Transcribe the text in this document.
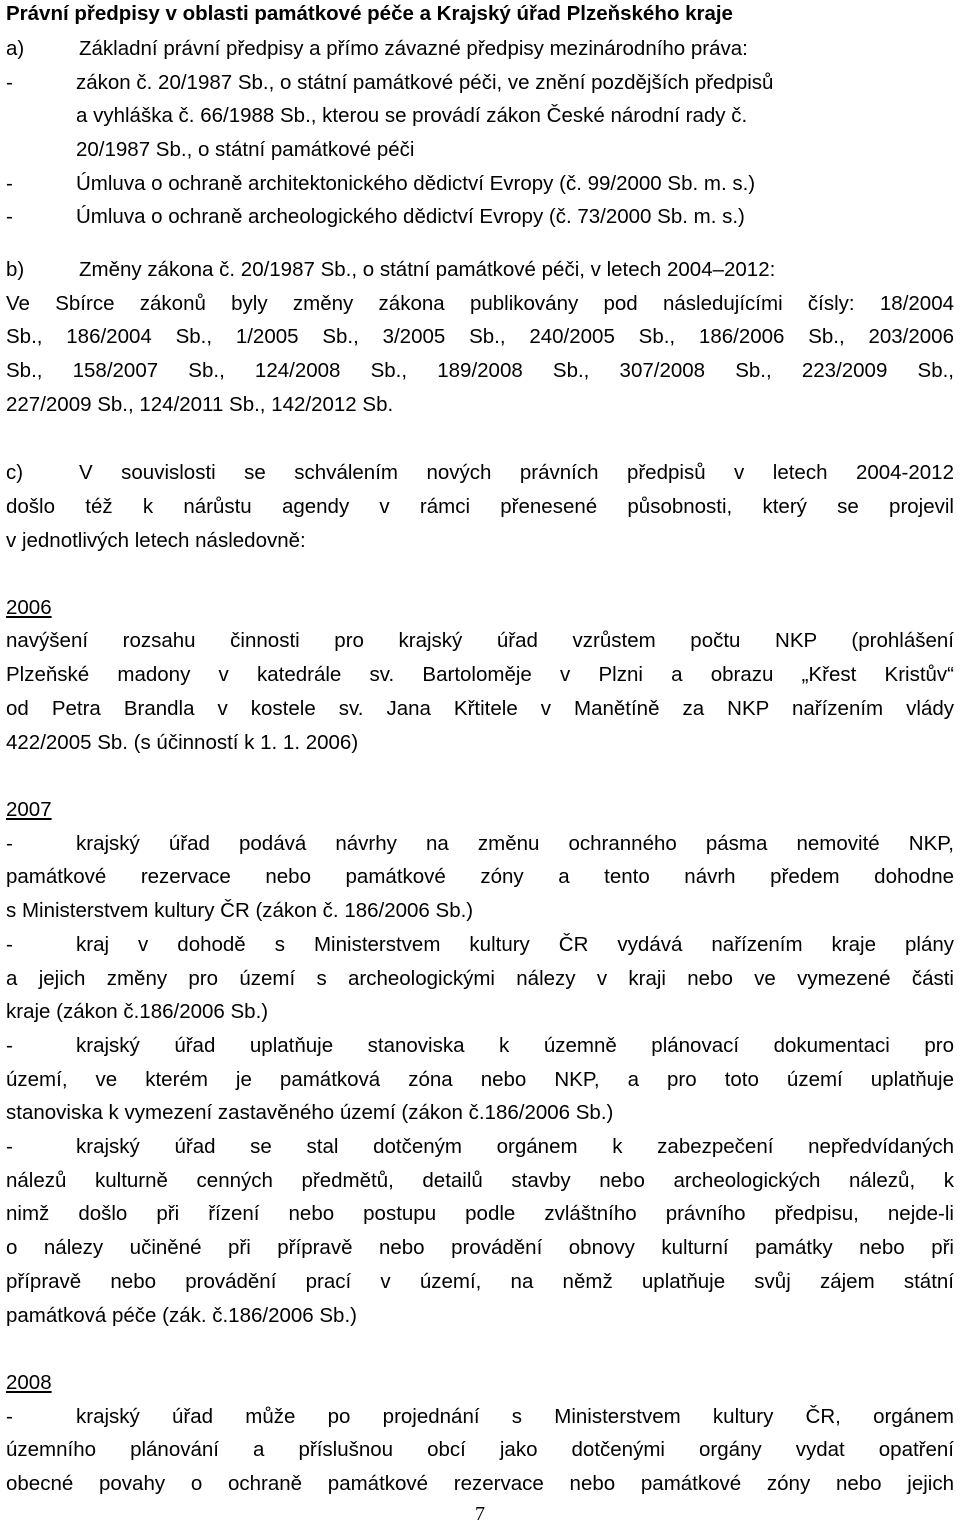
Právní předpisy v oblasti památkové péče a Krajský úřad Plzeňského kraje
a)	Základní právní předpisy a přímo závazné předpisy mezinárodního práva:
-	zákon č. 20/1987 Sb., o státní památkové péči, ve znění pozdějších předpisů
a vyhláška č. 66/1988 Sb., kterou se provádí zákon České národní rady č.
20/1987 Sb., o státní památkové péči
-	Úmluva o ochraně architektonického dědictví Evropy (č. 99/2000 Sb. m. s.)
-	Úmluva o ochraně archeologického dědictví Evropy (č. 73/2000 Sb. m. s.)
b)	Změny zákona č. 20/1987 Sb., o státní památkové péči, v letech 2004–2012:
Ve Sbírce zákonů byly změny zákona publikovány pod následujícími čísly: 18/2004
Sb., 186/2004 Sb., 1/2005 Sb., 3/2005 Sb., 240/2005 Sb., 186/2006 Sb., 203/2006
Sb., 158/2007 Sb., 124/2008 Sb., 189/2008 Sb., 307/2008 Sb., 223/2009 Sb.,
227/2009 Sb., 124/2011 Sb., 142/2012 Sb.
c)	V souvislosti se schválením nových právních předpisů v letech 2004-2012
došlo též k nárůstu agendy v rámci přenesené působnosti, který se projevil
v jednotlivých letech následovně:
2006
navýšení rozsahu činnosti pro krajský úřad vzrůstem počtu NKP (prohlášení
Plzeňské madony v katedrále sv. Bartoloměje v Plzni a obrazu „Křest Kristův“
od Petra Brandla v kostele sv. Jana Křtitele v Manětíně za NKP nařízením vlády
422/2005 Sb. (s účinností k 1. 1. 2006)
2007
-	krajský úřad podává návrhy na změnu ochranného pásma nemovité NKP,
památkové rezervace nebo památkové zóny a tento návrh předem dohodne
s Ministerstvem kultury ČR (zákon č. 186/2006 Sb.)
-	kraj v dohodě s Ministerstvem kultury ČR vydává nařízením kraje plány
a jejich změny pro území s archeologickými nálezy v kraji nebo ve vymezené části
kraje (zákon č.186/2006 Sb.)
-	krajský úřad uplatňuje stanoviska k územně plánovací dokumentaci pro
území, ve kterém je památková zóna nebo NKP, a pro toto území uplatňuje
stanoviska k vymezení zastavěného území (zákon č.186/2006 Sb.)
-	krajský úřad se stal dotčeným orgánem k zabezpečení nepředvídaných
nálezů kulturně cenných předmětů, detailů stavby nebo archeologických nálezů, k
nimž došlo při řízení nebo postupu podle zvláštního právního předpisu, nejde-li
o nálezy učiněné při přípravě nebo provádění obnovy kulturní památky nebo při
přípravě nebo provádění prací v území, na němž uplatňuje svůj zájem státní
památková péče (zák. č.186/2006 Sb.)
2008
-	krajský úřad může po projednání s Ministerstvem kultury ČR, orgánem
územního plánování a příslušnou obcí jako dotčenými orgány vydat opatření
obecné povahy o ochraně památkové rezervace nebo památkové zóny nebo jejich
7
